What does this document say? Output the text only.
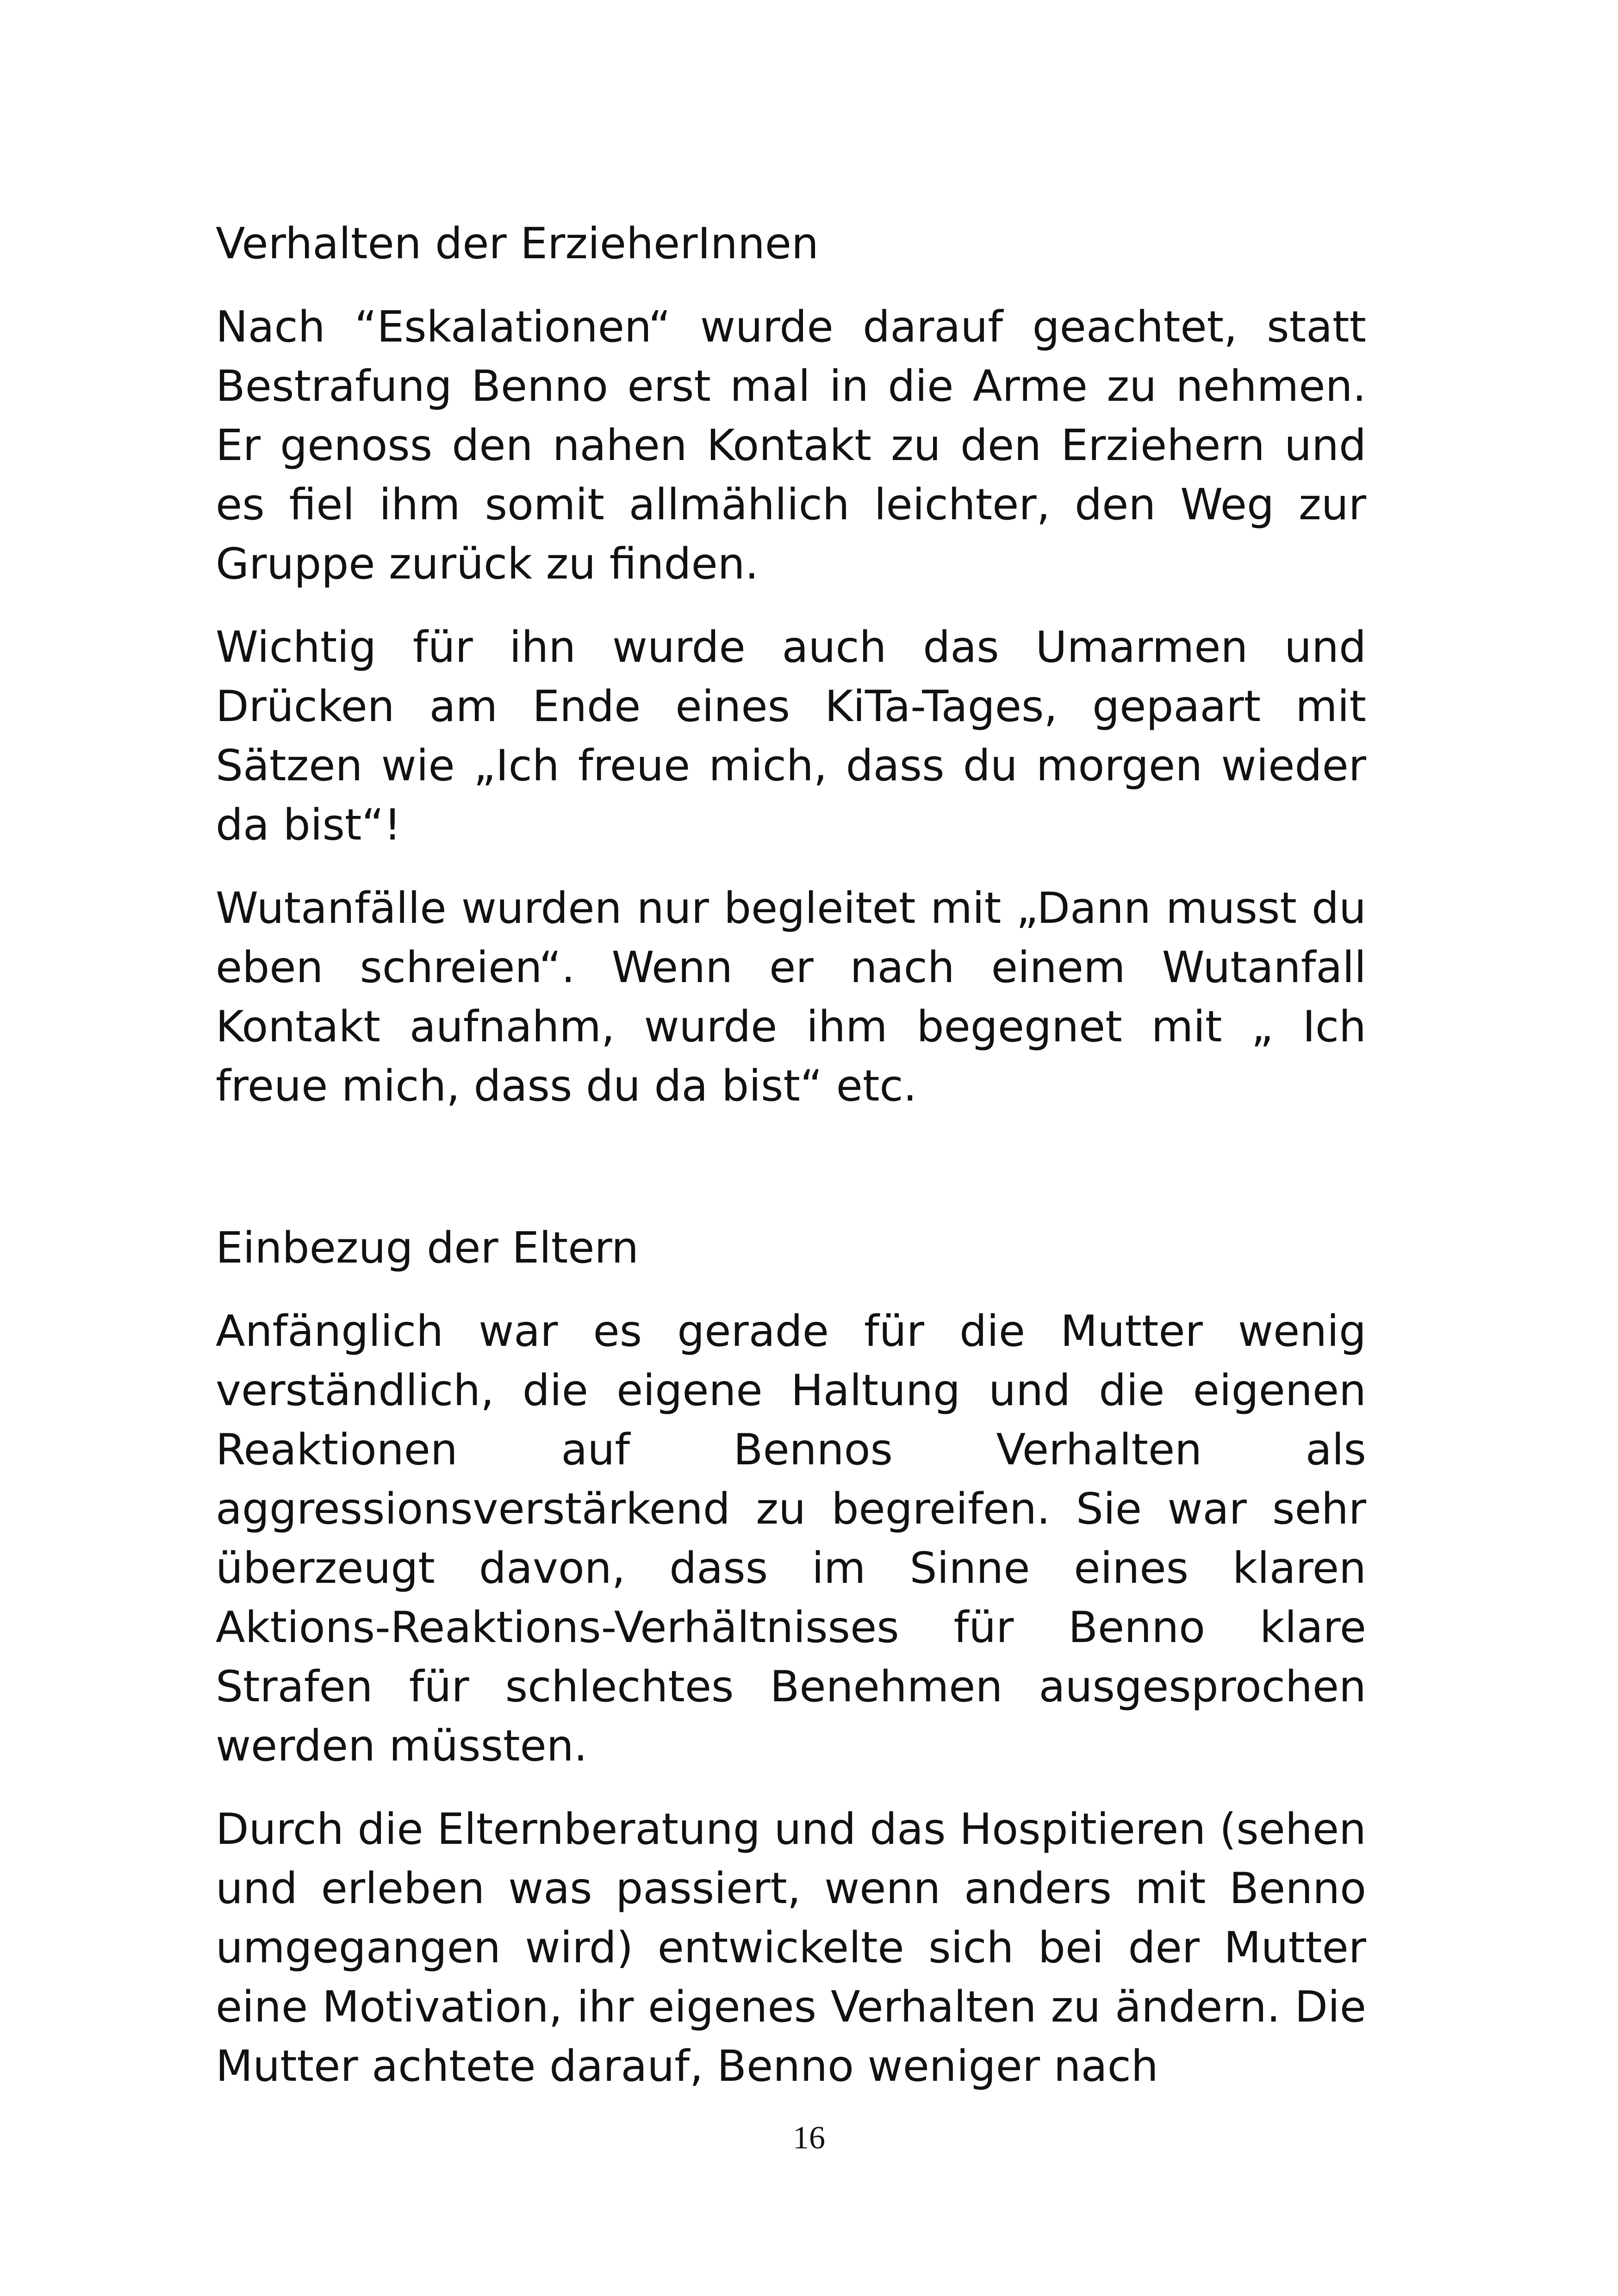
Verhalten der ErzieherInnen

Nach “Eskalationen“ wurde darauf geachtet, statt Bestrafung Benno erst mal in die Arme zu nehmen. Er genoss den nahen Kontakt zu den Erziehern und es fiel ihm somit allmählich leichter, den Weg zur Gruppe zurück zu finden.

Wichtig für ihn wurde auch das Umarmen und Drücken am Ende eines KiTa-Tages, gepaart mit Sätzen wie „Ich freue mich, dass du morgen wieder da bist“!

Wutanfälle wurden nur begleitet mit „Dann musst du eben schreien“. Wenn er nach einem Wutanfall Kontakt aufnahm, wurde ihm begegnet mit „ Ich freue mich, dass du da bist“ etc.

Einbezug der Eltern

Anfänglich war es gerade für die Mutter wenig verständlich, die eigene Haltung und die eigenen Reaktionen auf Bennos Verhalten als aggressionsverstärkend zu begreifen. Sie war sehr überzeugt davon, dass im Sinne eines klaren Aktions-Reaktions-Verhältnisses für Benno klare Strafen für schlechtes Benehmen ausgesprochen werden müssten.

Durch die Elternberatung und das Hospitieren (sehen und erleben was passiert, wenn anders mit Benno umgegangen wird) entwickelte sich bei der Mutter eine Motivation, ihr eigenes Verhalten zu ändern. Die Mutter achtete darauf, Benno weniger nach

16
